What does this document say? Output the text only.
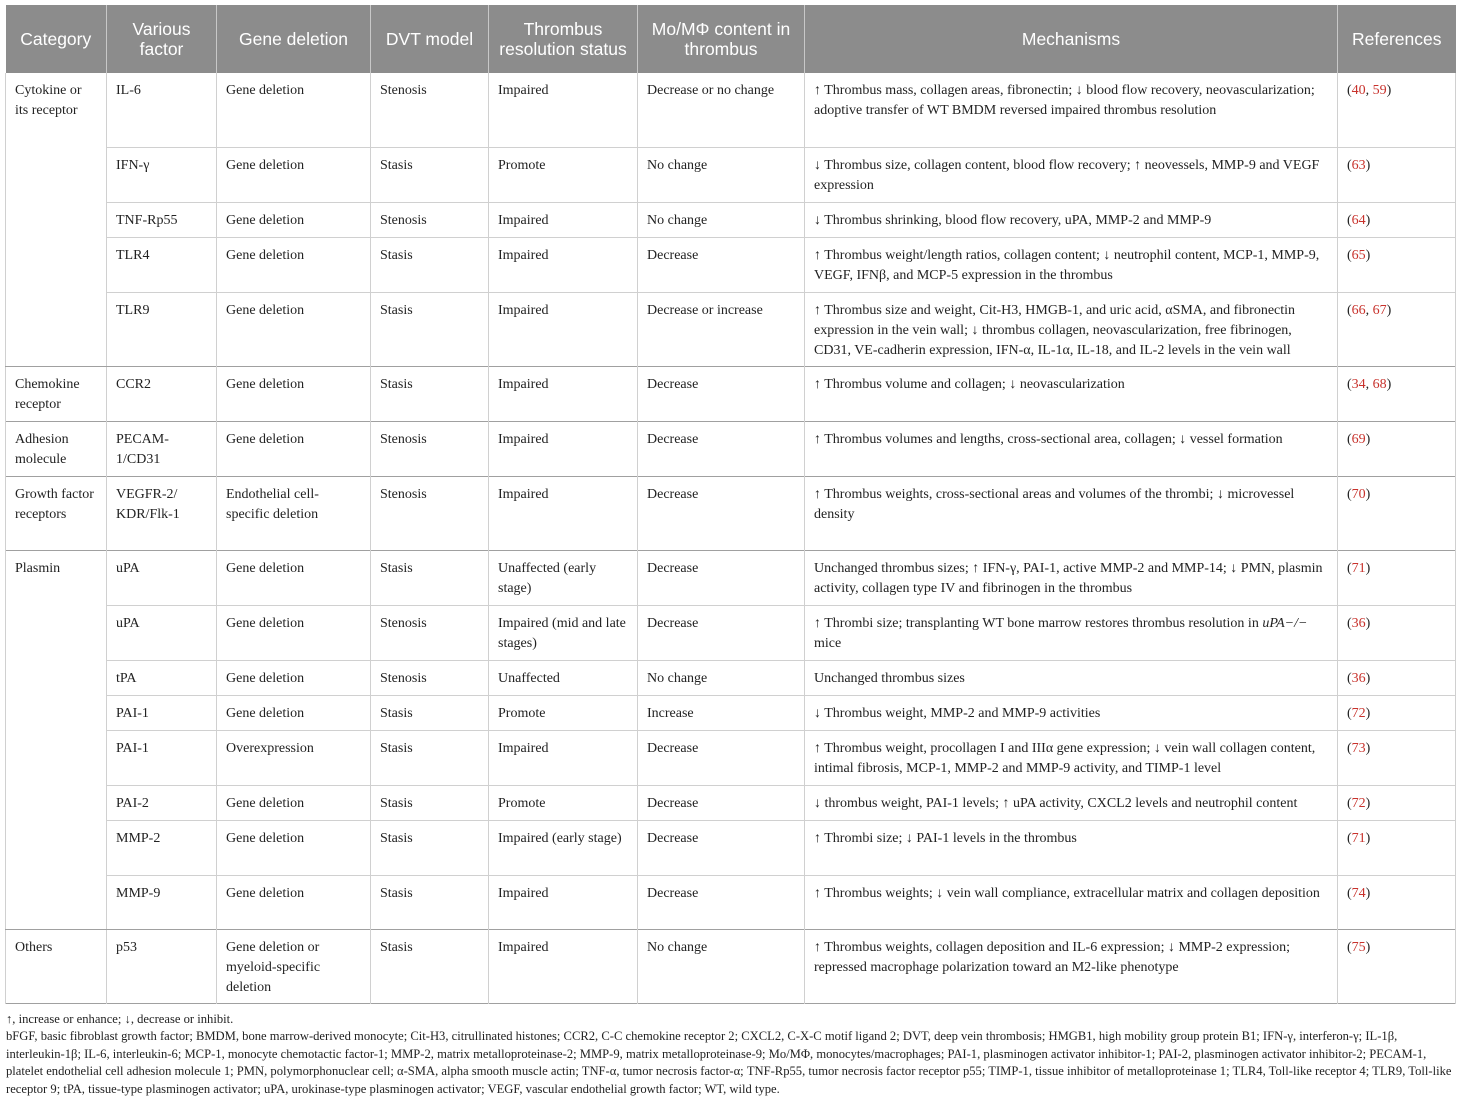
Category	Various factor	Gene deletion	DVT model	Thrombus resolution status	Mo/MΦ content in thrombus	Mechanisms	References
Cytokine or its receptor	IL-6	Gene deletion	Stenosis	Impaired	Decrease or no change	↑ Thrombus mass, collagen areas, fibronectin; ↓ blood flow recovery, neovascularization; adoptive transfer of WT BMDM reversed impaired thrombus resolution	(40, 59)
	IFN-γ	Gene deletion	Stasis	Promote	No change	↓ Thrombus size, collagen content, blood flow recovery; ↑ neovessels, MMP-9 and VEGF expression	(63)
	TNF-Rp55	Gene deletion	Stenosis	Impaired	No change	↓ Thrombus shrinking, blood flow recovery, uPA, MMP-2 and MMP-9	(64)
	TLR4	Gene deletion	Stasis	Impaired	Decrease	↑ Thrombus weight/length ratios, collagen content; ↓ neutrophil content, MCP-1, MMP-9, VEGF, IFNβ, and MCP-5 expression in the thrombus	(65)
	TLR9	Gene deletion	Stasis	Impaired	Decrease or increase	↑ Thrombus size and weight, Cit-H3, HMGB-1, and uric acid, αSMA, and fibronectin expression in the vein wall; ↓ thrombus collagen, neovascularization, free fibrinogen, CD31, VE-cadherin expression, IFN-α, IL-1α, IL-18, and IL-2 levels in the vein wall	(66, 67)
Chemokine receptor	CCR2	Gene deletion	Stasis	Impaired	Decrease	↑ Thrombus volume and collagen; ↓ neovascularization	(34, 68)
Adhesion molecule	PECAM-1/CD31	Gene deletion	Stenosis	Impaired	Decrease	↑ Thrombus volumes and lengths, cross-sectional area, collagen; ↓ vessel formation	(69)
Growth factor receptors	VEGFR-2/ KDR/Flk-1	Endothelial cell-specific deletion	Stenosis	Impaired	Decrease	↑ Thrombus weights, cross-sectional areas and volumes of the thrombi; ↓ microvessel density	(70)
Plasmin	uPA	Gene deletion	Stasis	Unaffected (early stage)	Decrease	Unchanged thrombus sizes; ↑ IFN-γ, PAI-1, active MMP-2 and MMP-14; ↓ PMN, plasmin activity, collagen type IV and fibrinogen in the thrombus	(71)
	uPA	Gene deletion	Stenosis	Impaired (mid and late stages)	Decrease	↑ Thrombi size; transplanting WT bone marrow restores thrombus resolution in uPA−/− mice	(36)
	tPA	Gene deletion	Stenosis	Unaffected	No change	Unchanged thrombus sizes	(36)
	PAI-1	Gene deletion	Stasis	Promote	Increase	↓ Thrombus weight, MMP-2 and MMP-9 activities	(72)
	PAI-1	Overexpression	Stasis	Impaired	Decrease	↑ Thrombus weight, procollagen I and IIIα gene expression; ↓ vein wall collagen content, intimal fibrosis, MCP-1, MMP-2 and MMP-9 activity, and TIMP-1 level	(73)
	PAI-2	Gene deletion	Stasis	Promote	Decrease	↓ thrombus weight, PAI-1 levels; ↑ uPA activity, CXCL2 levels and neutrophil content	(72)
	MMP-2	Gene deletion	Stasis	Impaired (early stage)	Decrease	↑ Thrombi size; ↓ PAI-1 levels in the thrombus	(71)
	MMP-9	Gene deletion	Stasis	Impaired	Decrease	↑ Thrombus weights; ↓ vein wall compliance, extracellular matrix and collagen deposition	(74)
Others	p53	Gene deletion or myeloid-specific deletion	Stasis	Impaired	No change	↑ Thrombus weights, collagen deposition and IL-6 expression; ↓ MMP-2 expression; repressed macrophage polarization toward an M2-like phenotype	(75)

↑, increase or enhance; ↓, decrease or inhibit.

bFGF, basic fibroblast growth factor; BMDM, bone marrow-derived monocyte; Cit-H3, citrullinated histones; CCR2, C-C chemokine receptor 2; CXCL2, C-X-C motif ligand 2; DVT, deep vein thrombosis; HMGB1, high mobility group protein B1; IFN-γ, interferon-γ; IL-1β, interleukin-1β; IL-6, interleukin-6; MCP-1, monocyte chemotactic factor-1; MMP-2, matrix metalloproteinase-2; MMP-9, matrix metalloproteinase-9; Mo/MΦ, monocytes/macrophages; PAI-1, plasminogen activator inhibitor-1; PAI-2, plasminogen activator inhibitor-2; PECAM-1, platelet endothelial cell adhesion molecule 1; PMN, polymorphonuclear cell; α-SMA, alpha smooth muscle actin; TNF-α, tumor necrosis factor-α; TNF-Rp55, tumor necrosis factor receptor p55; TIMP-1, tissue inhibitor of metalloproteinase 1; TLR4, Toll-like receptor 4; TLR9, Toll-like receptor 9; tPA, tissue-type plasminogen activator; uPA, urokinase-type plasminogen activator; VEGF, vascular endothelial growth factor; WT, wild type.
